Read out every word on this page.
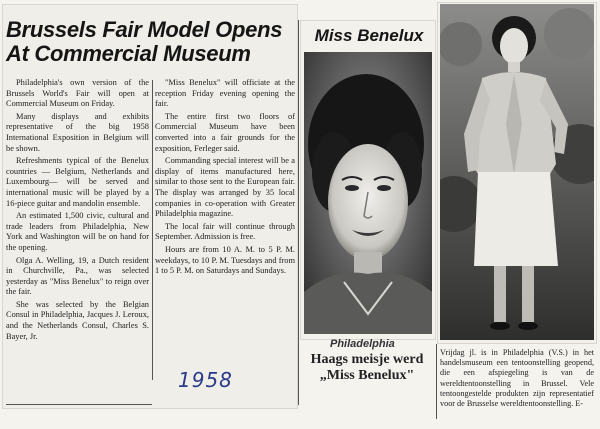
Brussels Fair Model Opens
At Commercial Museum

Philadelphia's own version of the Brussels World's Fair will open at Commercial Museum on Friday.

Many displays and exhibits representative of the big 1958 International Exposition in Belgium will be shown.

Refreshments typical of the Benelux countries — Belgium, Netherlands and Luxembourg— will be served and international music will be played by a 16-piece guitar and mandolin ensemble.

An estimated 1,500 civic, cultural and trade leaders from Philadelphia, New York and Washington will be on hand for the opening.

Olga A. Welling, 19, a Dutch resident in Churchville, Pa., was selected yesterday as "Miss Benelux" to reign over the fair.

She was selected by the Belgian Consul in Philadelphia, Jacques J. Leroux, and the Netherlands Consul, Charles S. Bayer, Jr.

"Miss Benelux" will officiate at the reception Friday evening opening the fair.

The entire first two floors of Commercial Museum have been converted into a fair grounds for the exposition, Ferleger said.

Commanding special interest will be a display of items manufactured here, similar to those sent to the European fair. The display was arranged by 35 local companies in co-operation with Greater Philadelphia magazine.

The local fair will continue through September. Admission is free.

Hours are from 10 A. M. to 5 P. M. weekdays, to 10 P. M. Tuesdays and from 1 to 5 P. M. on Saturdays and Sundays.

Miss Benelux
Philadelphia
Haags meisje werd
„Miss Benelux"
1958
Vrijdag jl. is in Philadelphia (V.S.) in het handelsmuseum een tentoonstelling geopend, die een afspiegeling is van de wereldtentoonstelling in Brussel. Vele tentoongestelde produkten zijn representatief voor de Brusselse wereldtentoonstelling. E-
